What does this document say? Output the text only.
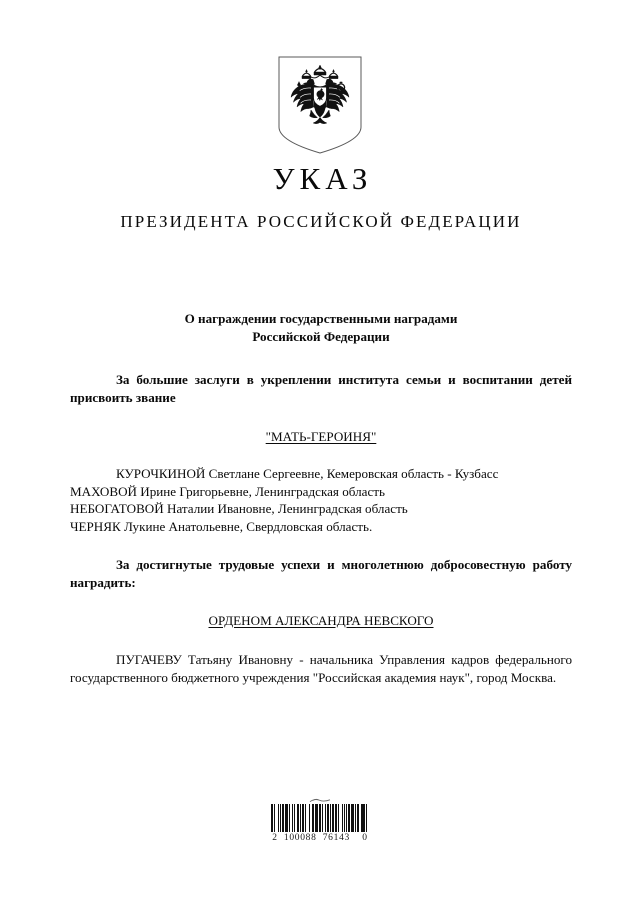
УКАЗ
ПРЕЗИДЕНТА РОССИЙСКОЙ ФЕДЕРАЦИИ
О награждении государственными наградами
Российской Федерации
За большие заслуги в укреплении института семьи и воспитании детей присвоить звание
"МАТЬ-ГЕРОИНЯ"
КУРОЧКИНОЙ Светлане Сергеевне, Кемеровская область - Кузбасс
МАХОВОЙ Ирине Григорьевне, Ленинградская область
НЕБОГАТОВОЙ Наталии Ивановне, Ленинградская область
ЧЕРНЯК Лукине Анатольевне, Свердловская область.
За достигнутые трудовые успехи и многолетнюю добросовестную работу наградить:
ОРДЕНОМ АЛЕКСАНДРА НЕВСКОГО
ПУГАЧЕВУ Татьяну Ивановну - начальника Управления кадров федерального государственного бюджетного учреждения "Российская академия наук", город Москва.
2  100088  76143    0
